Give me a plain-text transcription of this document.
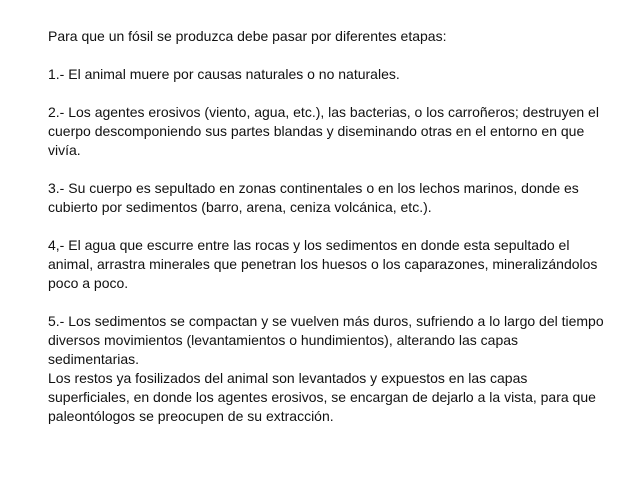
Para que un fósil se produzca debe pasar por diferentes etapas:

1.- El animal muere por causas naturales o no naturales.

2.- Los agentes erosivos (viento, agua, etc.), las bacterias, o los carroñeros; destruyen el cuerpo descomponiendo sus partes blandas y diseminando otras en el entorno en que vivía.

3.- Su cuerpo es sepultado en zonas continentales o en los lechos marinos, donde es cubierto por sedimentos (barro, arena, ceniza volcánica, etc.).

4,- El agua que escurre entre las rocas y los sedimentos en donde esta sepultado el animal, arrastra minerales que penetran los huesos o los caparazones, mineralizándolos poco a poco.

5.- Los sedimentos se compactan y se vuelven más duros, sufriendo a lo largo del tiempo diversos movimientos (levantamientos o hundimientos), alterando las capas sedimentarias.

Los restos ya fosilizados del animal son levantados y expuestos en las capas superficiales, en donde los agentes erosivos, se encargan de dejarlo a la vista, para que paleontólogos se preocupen de su extracción.
